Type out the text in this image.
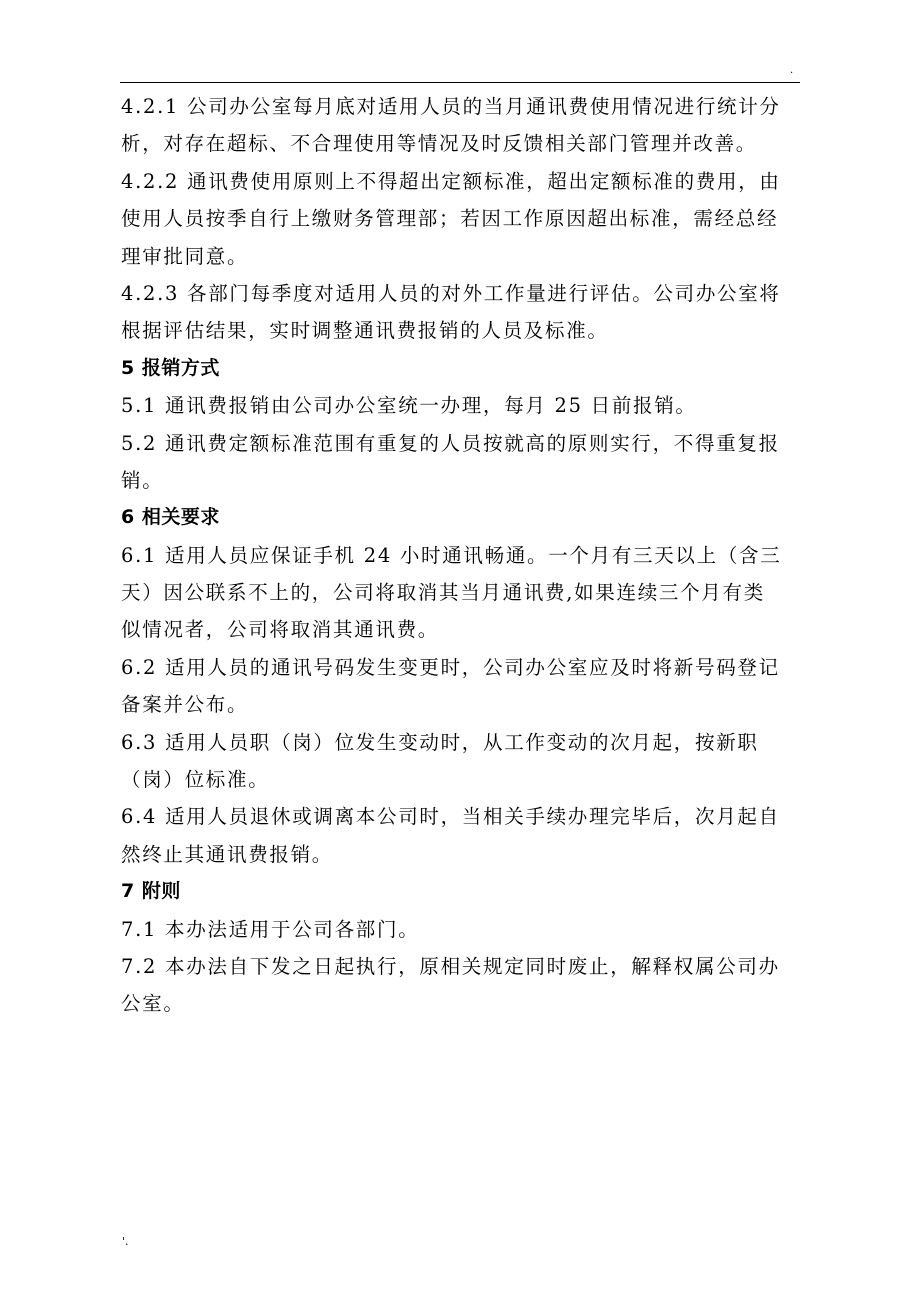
.

4.2.1 公司办公室每月底对适用人员的当月通讯费使用情况进行统计分

析，对存在超标、不合理使用等情况及时反馈相关部门管理并改善。

4.2.2 通讯费使用原则上不得超出定额标准，超出定额标准的费用，由

使用人员按季自行上缴财务管理部；若因工作原因超出标准，需经总经

理审批同意。

4.2.3 各部门每季度对适用人员的对外工作量进行评估。公司办公室将

根据评估结果，实时调整通讯费报销的人员及标准。

5 报销方式

5.1 通讯费报销由公司办公室统一办理，每月 25 日前报销。

5.2 通讯费定额标准范围有重复的人员按就高的原则实行，不得重复报

销。

6 相关要求

6.1 适用人员应保证手机 24 小时通讯畅通。一个月有三天以上（含三

天）因公联系不上的，公司将取消其当月通讯费,如果连续三个月有类

似情况者，公司将取消其通讯费。

6.2 适用人员的通讯号码发生变更时，公司办公室应及时将新号码登记

备案并公布。

6.3 适用人员职（岗）位发生变动时，从工作变动的次月起，按新职

（岗）位标准。

6.4 适用人员退休或调离本公司时，当相关手续办理完毕后，次月起自

然终止其通讯费报销。

7 附则

7.1 本办法适用于公司各部门。

7.2 本办法自下发之日起执行，原相关规定同时废止，解释权属公司办

公室。

'.
